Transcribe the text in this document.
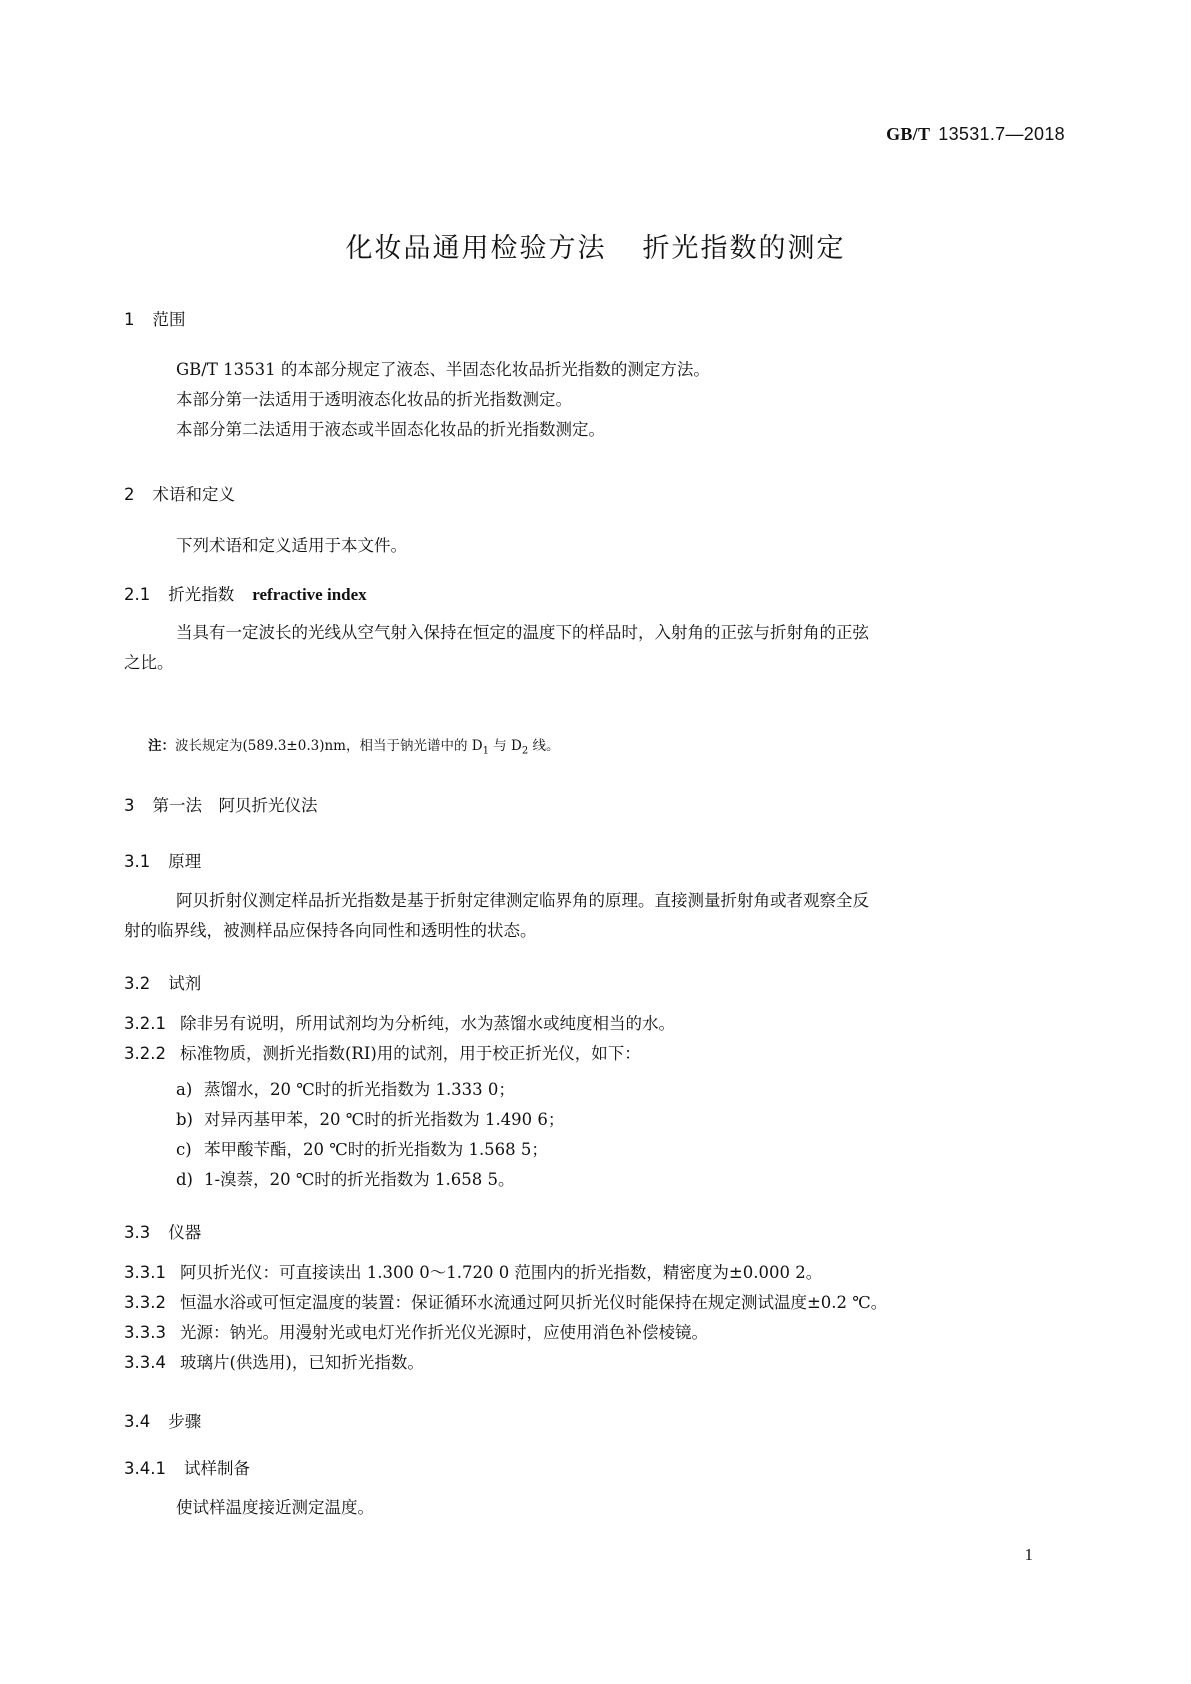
GB/T 13531.7—2018
化妆品通用检验方法 折光指数的测定
1 范围
GB/T 13531 的本部分规定了液态、半固态化妆品折光指数的测定方法。
本部分第一法适用于透明液态化妆品的折光指数测定。
本部分第二法适用于液态或半固态化妆品的折光指数测定。
2 术语和定义
下列术语和定义适用于本文件。
2.1 折光指数 refractive index
当具有一定波长的光线从空气射入保持在恒定的温度下的样品时，入射角的正弦与折射角的正弦
之比。
注：波长规定为(589.3±0.3)nm，相当于钠光谱中的 $D_1$ 与 $D_2$ 线。
3 第一法　阿贝折光仪法
3.1 原理
阿贝折射仪测定样品折光指数是基于折射定律测定临界角的原理。直接测量折射角或者观察全反
射的临界线，被测样品应保持各向同性和透明性的状态。
3.2 试剂
3.2.1 除非另有说明，所用试剂均为分析纯，水为蒸馏水或纯度相当的水。
3.2.2 标准物质，测折光指数(RI)用的试剂，用于校正折光仪，如下：
a) 蒸馏水，20 ℃时的折光指数为 1.333 0；
b) 对异丙基甲苯，20 ℃时的折光指数为 1.490 6；
c) 苯甲酸苄酯，20 ℃时的折光指数为 1.568 5；
d) 1-溴萘，20 ℃时的折光指数为 1.658 5。
3.3 仪器
3.3.1 阿贝折光仪：可直接读出 1.300 0～1.720 0 范围内的折光指数，精密度为±0.000 2。
3.3.2 恒温水浴或可恒定温度的装置：保证循环水流通过阿贝折光仪时能保持在规定测试温度±0.2 ℃。
3.3.3 光源：钠光。用漫射光或电灯光作折光仪光源时，应使用消色补偿棱镜。
3.3.4 玻璃片(供选用)，已知折光指数。
3.4 步骤
3.4.1 试样制备
使试样温度接近测定温度。
1
